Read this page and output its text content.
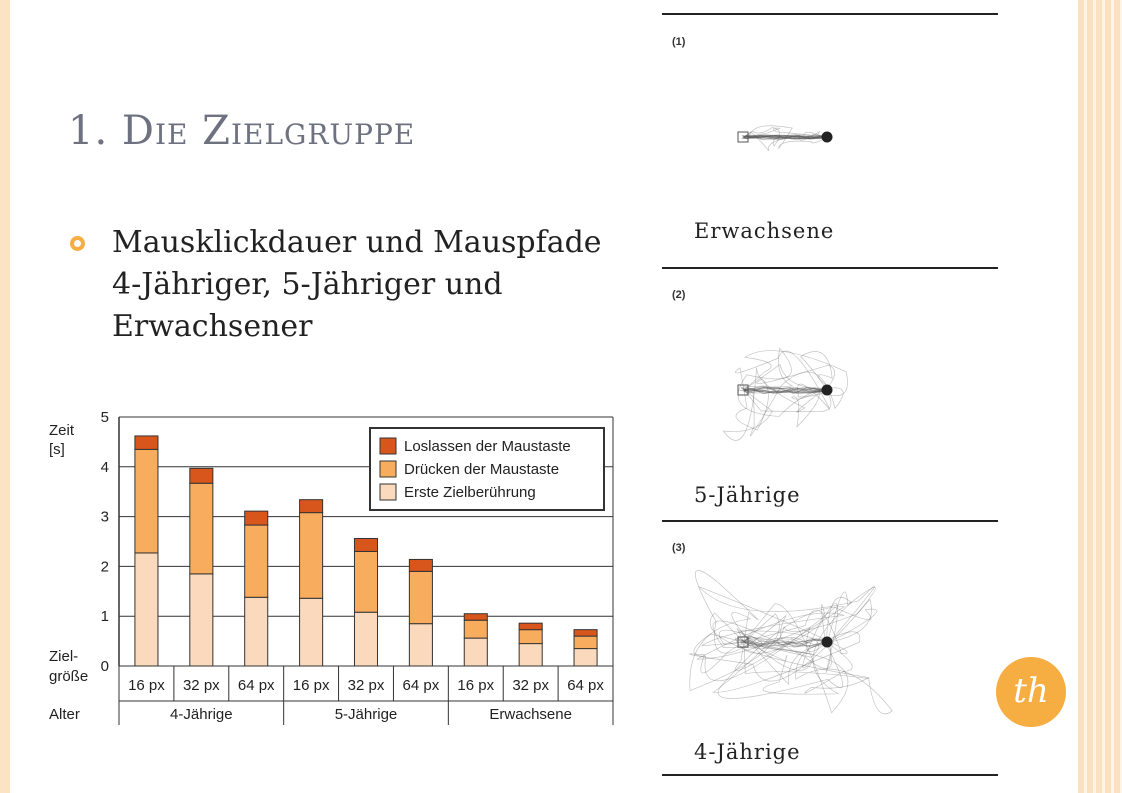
1. Die Zielgruppe

Mausklickdauer und Mauspfade
4-Jähriger, 5-Jähriger und
Erwachsener

0
1
2
3
4
5
Zeit [s]
16 px 32 px 64 px 16 px 32 px 64 px 16 px 32 px 64 px
4-Jährige	5-Jährige	Erwachsene
Ziel-größe
Alter
Loslassen der Maustaste
Drücken der Maustaste
Erste Zielberührung
(1)
(2)
(3)
Erwachsene
5-Jährige
4-Jährige
th
